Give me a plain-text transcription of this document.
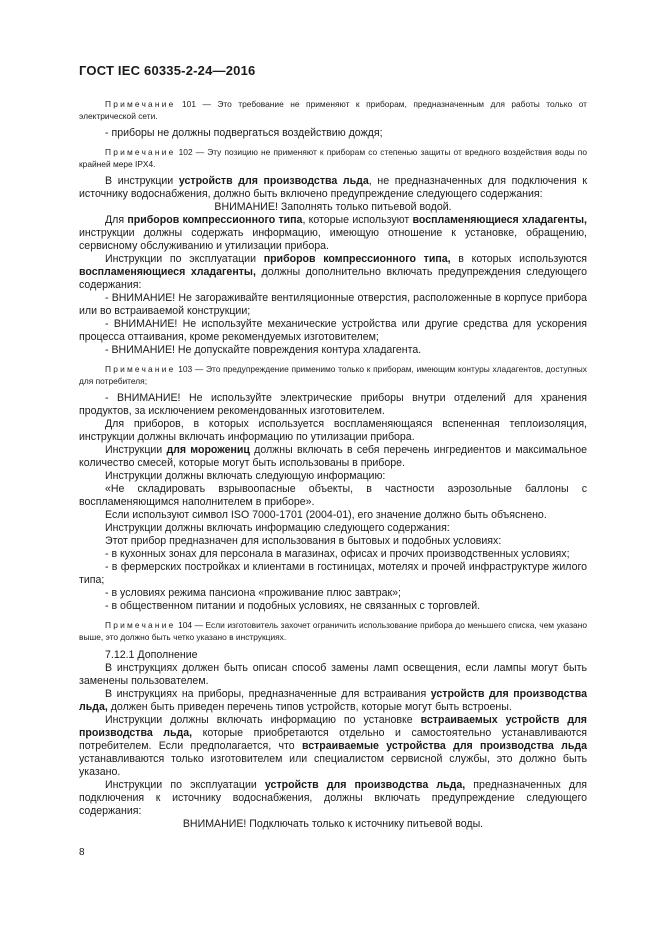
ГОСТ IEC 60335-2-24—2016

Примечание 101 — Это требование не применяют к приборам, предназначенным для работы только от электрической сети.

- приборы не должны подвергаться воздействию дождя;

Примечание 102 — Эту позицию не применяют к приборам со степенью защиты от вредного воздействия воды по крайней мере IPX4.

В инструкции устройств для производства льда, не предназначенных для подключения к источнику водоснабжения, должно быть включено предупреждение следующего содержания:

ВНИМАНИЕ! Заполнять только питьевой водой.

Для приборов компрессионного типа, которые используют воспламеняющиеся хладагенты, инструкции должны содержать информацию, имеющую отношение к установке, обращению, сервисному обслуживанию и утилизации прибора.

Инструкции по эксплуатации приборов компрессионного типа, в которых используются воспламеняющиеся хладагенты, должны дополнительно включать предупреждения следующего содержания:

- ВНИМАНИЕ! Не загораживайте вентиляционные отверстия, расположенные в корпусе прибора или во встраиваемой конструкции;

- ВНИМАНИЕ! Не используйте механические устройства или другие средства для ускорения процесса оттаивания, кроме рекомендуемых изготовителем;

- ВНИМАНИЕ! Не допускайте повреждения контура хладагента.

Примечание 103 — Это предупреждение применимо только к приборам, имеющим контуры хладагентов, доступных для потребителя;

- ВНИМАНИЕ! Не используйте электрические приборы внутри отделений для хранения продуктов, за исключением рекомендованных изготовителем.

Для приборов, в которых используется воспламеняющаяся вспененная теплоизоляция, инструкции должны включать информацию по утилизации прибора.

Инструкции для морожениц должны включать в себя перечень ингредиентов и максимальное количество смесей, которые могут быть использованы в приборе.

Инструкции должны включать следующую информацию:

«Не складировать взрывоопасные объекты, в частности аэрозольные баллоны с воспламеняющимся наполнителем в приборе».

Если используют символ ISO 7000-1701 (2004-01), его значение должно быть объяснено.

Инструкции должны включать информацию следующего содержания:

Этот прибор предназначен для использования в бытовых и подобных условиях:

- в кухонных зонах для персонала в магазинах, офисах и прочих производственных условиях;

- в фермерских постройках и клиентами в гостиницах, мотелях и прочей инфраструктуре жилого типа;

- в условиях режима пансиона «проживание плюс завтрак»;

- в общественном питании и подобных условиях, не связанных с торговлей.

Примечание 104 — Если изготовитель захочет ограничить использование прибора до меньшего списка, чем указано выше, это должно быть четко указано в инструкциях.

7.12.1 Дополнение

В инструкциях должен быть описан способ замены ламп освещения, если лампы могут быть заменены пользователем.

В инструкциях на приборы, предназначенные для встраивания устройств для производства льда, должен быть приведен перечень типов устройств, которые могут быть встроены.

Инструкции должны включать информацию по установке встраиваемых устройств для производства льда, которые приобретаются отдельно и самостоятельно устанавливаются потребителем. Если предполагается, что встраиваемые устройства для производства льда устанавливаются только изготовителем или специалистом сервисной службы, это должно быть указано.

Инструкции по эксплуатации устройств для производства льда, предназначенных для подключения к источнику водоснабжения, должны включать предупреждение следующего содержания:

ВНИМАНИЕ! Подключать только к источнику питьевой воды.

8
